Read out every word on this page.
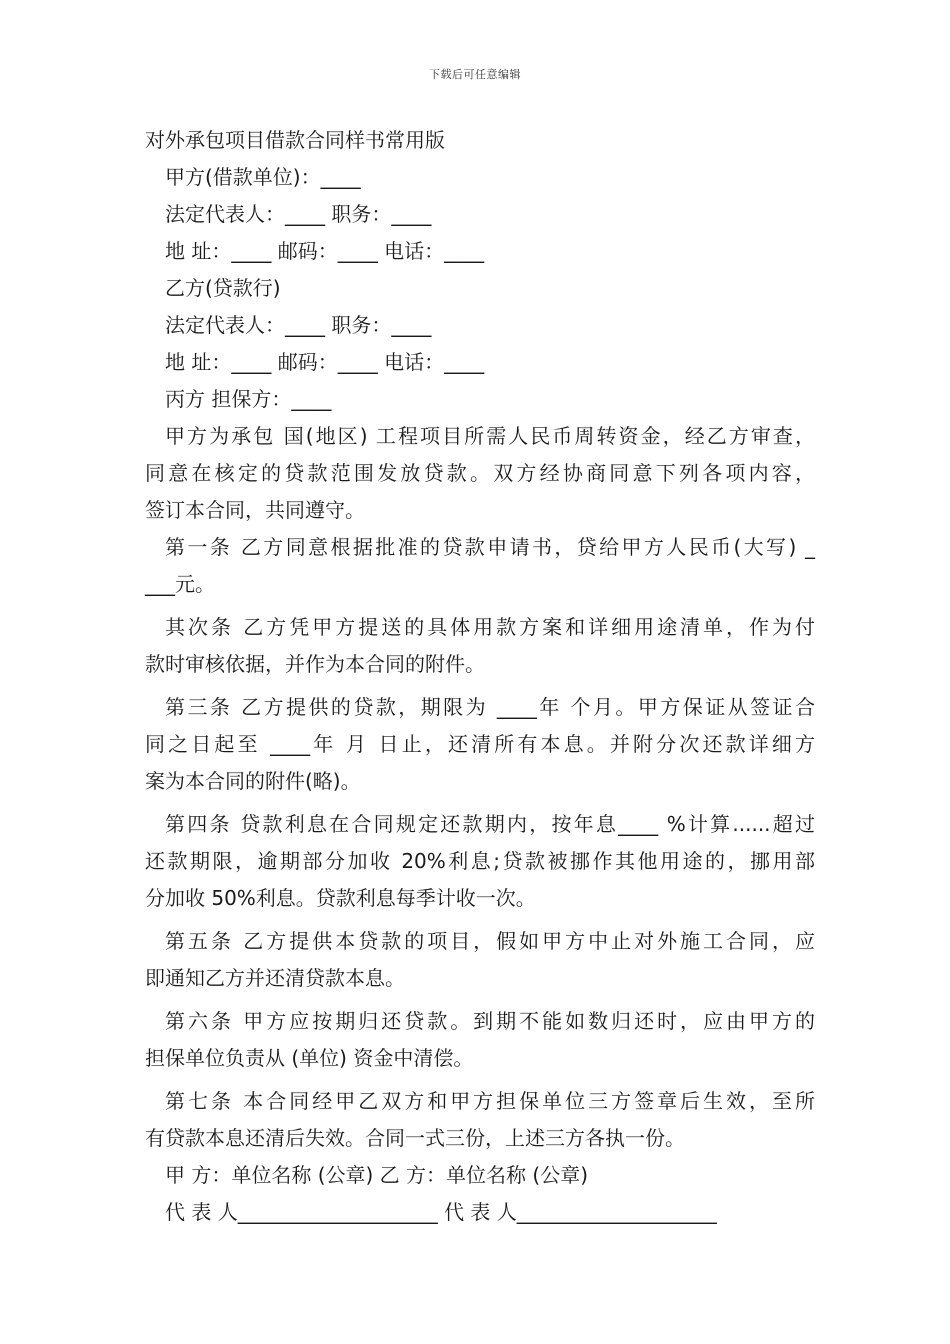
下载后可任意编辑
对外承包项目借款合同样书常用版
甲方(借款单位)：____
法定代表人：____ 职务：____
地 址：____ 邮码：____ 电话：____
乙方(贷款行)
法定代表人：____ 职务：____
地 址：____ 邮码：____ 电话：____
丙方 担保方：____
甲方为承包 国(地区) 工程项目所需人民币周转资金，经乙方审查，
同意在核定的贷款范围发放贷款。双方经协商同意下列各项内容，
签订本合同，共同遵守。
第一条 乙方同意根据批准的贷款申请书，贷给甲方人民币(大写) _
___元。
其次条 乙方凭甲方提送的具体用款方案和详细用途清单，作为付
款时审核依据，并作为本合同的附件。
第三条 乙方提供的贷款，期限为 ____年 个月。甲方保证从签证合
同之日起至 ____年 月 日止，还清所有本息。并附分次还款详细方
案为本合同的附件(略)。
第四条 贷款利息在合同规定还款期内，按年息____ %计算......超过
还款期限，逾期部分加收 20%利息;贷款被挪作其他用途的，挪用部
分加收 50%利息。贷款利息每季计收一次。
第五条 乙方提供本贷款的项目，假如甲方中止对外施工合同，应
即通知乙方并还清贷款本息。
第六条 甲方应按期归还贷款。到期不能如数归还时，应由甲方的
担保单位负责从 (单位) 资金中清偿。
第七条 本合同经甲乙双方和甲方担保单位三方签章后生效，至所
有贷款本息还清后失效。合同一式三份，上述三方各执一份。
甲 方：单位名称 (公章) 乙 方：单位名称 (公章)
代 表 人____________________ 代 表 人____________________
